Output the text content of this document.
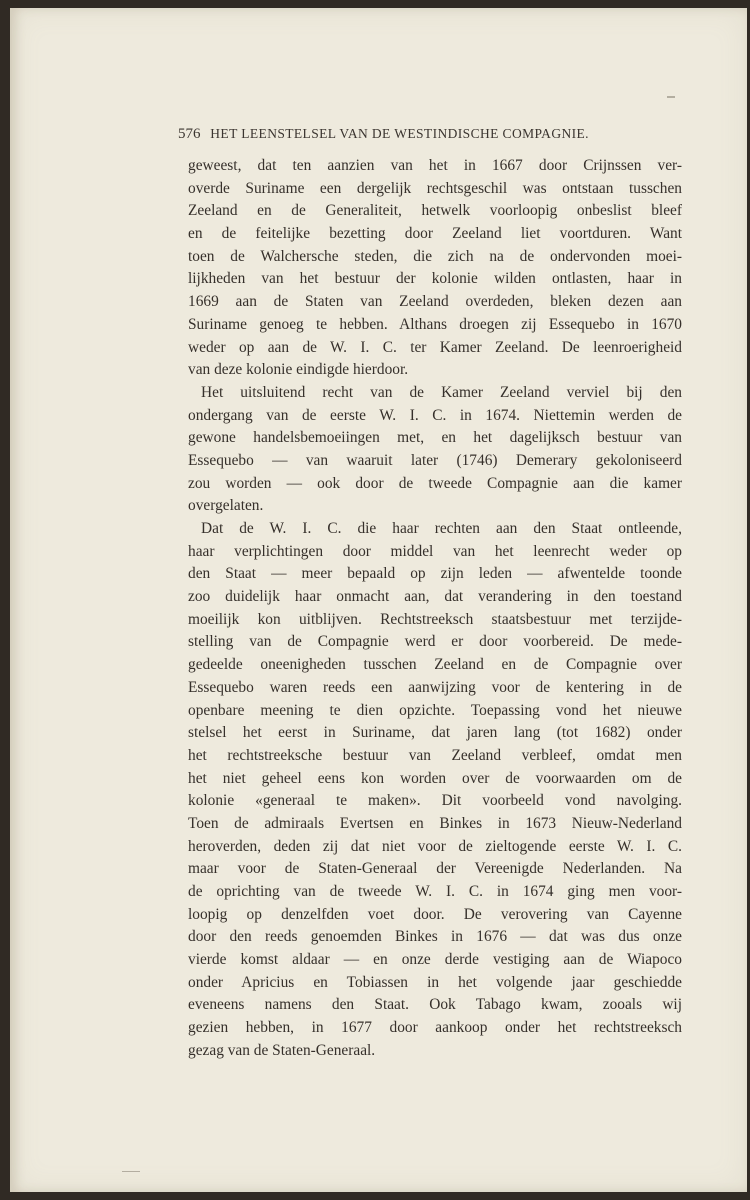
576 HET LEENSTELSEL VAN DE WESTINDISCHE COMPAGNIE.
geweest, dat ten aanzien van het in 1667 door Crijnssen ver-
overde Suriname een dergelijk rechtsgeschil was ontstaan tusschen
Zeeland en de Generaliteit, hetwelk voorloopig onbeslist bleef
en de feitelijke bezetting door Zeeland liet voortduren. Want
toen de Walchersche steden, die zich na de ondervonden moei-
lijkheden van het bestuur der kolonie wilden ontlasten, haar in
1669 aan de Staten van Zeeland overdeden, bleken dezen aan
Suriname genoeg te hebben. Althans droegen zij Essequebo in 1670
weder op aan de W. I. C. ter Kamer Zeeland. De leenroerigheid
van deze kolonie eindigde hierdoor.
Het uitsluitend recht van de Kamer Zeeland verviel bij den
ondergang van de eerste W. I. C. in 1674. Niettemin werden de
gewone handelsbemoeiingen met, en het dagelijksch bestuur van
Essequebo — van waaruit later (1746) Demerary gekoloniseerd
zou worden — ook door de tweede Compagnie aan die kamer
overgelaten.
Dat de W. I. C. die haar rechten aan den Staat ontleende,
haar verplichtingen door middel van het leenrecht weder op
den Staat — meer bepaald op zijn leden — afwentelde toonde
zoo duidelijk haar onmacht aan, dat verandering in den toestand
moeilijk kon uitblijven. Rechtstreeksch staatsbestuur met terzijde-
stelling van de Compagnie werd er door voorbereid. De mede-
gedeelde oneenigheden tusschen Zeeland en de Compagnie over
Essequebo waren reeds een aanwijzing voor de kentering in de
openbare meening te dien opzichte. Toepassing vond het nieuwe
stelsel het eerst in Suriname, dat jaren lang (tot 1682) onder
het rechtstreeksche bestuur van Zeeland verbleef, omdat men
het niet geheel eens kon worden over de voorwaarden om de
kolonie «generaal te maken». Dit voorbeeld vond navolging.
Toen de admiraals Evertsen en Binkes in 1673 Nieuw-Nederland
heroverden, deden zij dat niet voor de zieltogende eerste W. I. C.
maar voor de Staten-Generaal der Vereenigde Nederlanden. Na
de oprichting van de tweede W. I. C. in 1674 ging men voor-
loopig op denzelfden voet door. De verovering van Cayenne
door den reeds genoemden Binkes in 1676 — dat was dus onze
vierde komst aldaar — en onze derde vestiging aan de Wiapoco
onder Apricius en Tobiassen in het volgende jaar geschiedde
eveneens namens den Staat. Ook Tabago kwam, zooals wij
gezien hebben, in 1677 door aankoop onder het rechtstreeksch
gezag van de Staten-Generaal.
